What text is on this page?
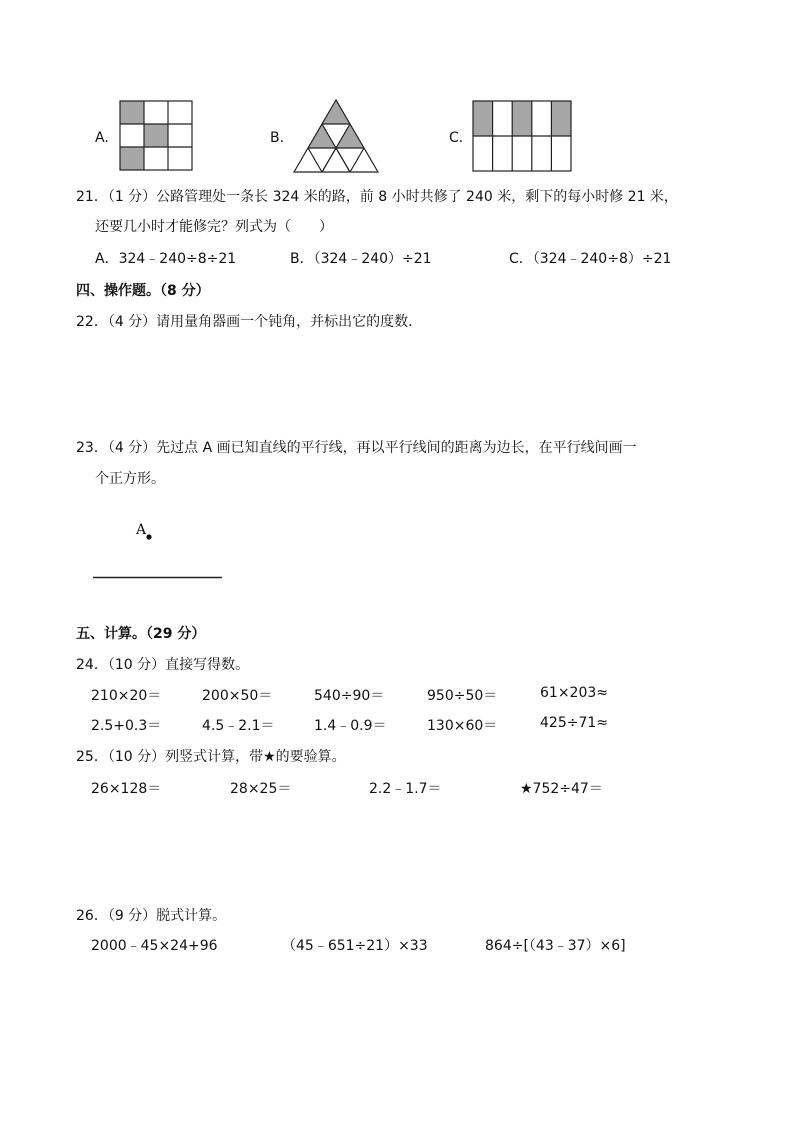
A.	B.	C.
21．（1 分）公路管理处一条长 324 米的路，前 8 小时共修了 240 米，剩下的每小时修 21 米，
还要几小时才能修完？列式为（　　）
A．324﹣240÷8÷21	B．（324﹣240）÷21	C．（324﹣240÷8）÷21
四、操作题。（8 分）
22．（4 分）请用量角器画一个钝角，并标出它的度数．
23．（4 分）先过点 A 画已知直线的平行线，再以平行线间的距离为边长，在平行线间画一
个正方形。
A
五、计算。（29 分）
24．（10 分）直接写得数。
210×20＝	200×50＝	540÷90＝	950÷50＝	61×203≈
2.5+0.3＝	4.5﹣2.1＝	1.4﹣0.9＝	130×60＝	425÷71≈
25．（10 分）列竖式计算，带★的要验算。
26×128＝	28×25＝	2.2﹣1.7＝	★752÷47＝
26．（9 分）脱式计算。
2000﹣45×24+96	（45﹣651÷21）×33	864÷[（43﹣37）×6]
